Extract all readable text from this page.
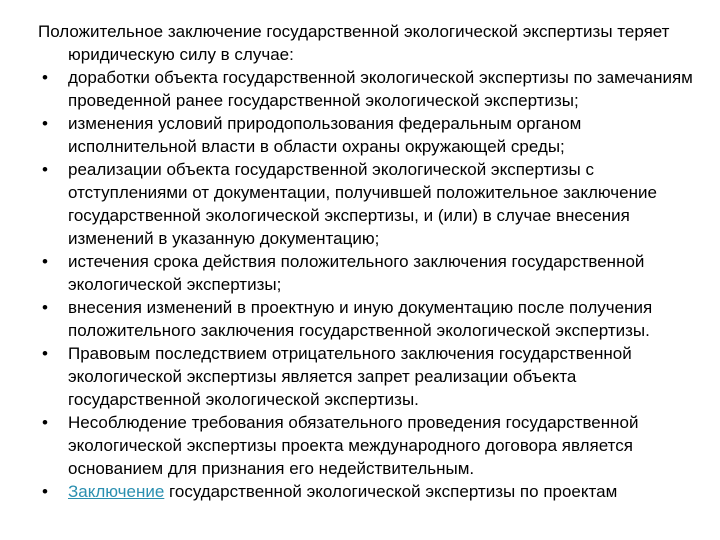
Положительное заключение государственной экологической экспертизы теряет юридическую силу в случае:

•	доработки объекта государственной экологической экспертизы по замечаниям проведенной ранее государственной экологической экспертизы;
•	изменения условий природопользования федеральным органом исполнительной власти в области охраны окружающей среды;
•	реализации объекта государственной экологической экспертизы с отступлениями от документации, получившей положительное заключение государственной экологической экспертизы, и (или) в случае внесения изменений в указанную документацию;
•	истечения срока действия положительного заключения государственной экологической экспертизы;
•	внесения изменений в проектную и иную документацию после получения положительного заключения государственной экологической экспертизы.
•	Правовым последствием отрицательного заключения государственной экологической экспертизы является запрет реализации объекта государственной экологической экспертизы.
•	Несоблюдение требования обязательного проведения государственной экологической экспертизы проекта международного договора является основанием для признания его недействительным.
•	Заключение государственной экологической экспертизы по проектам
